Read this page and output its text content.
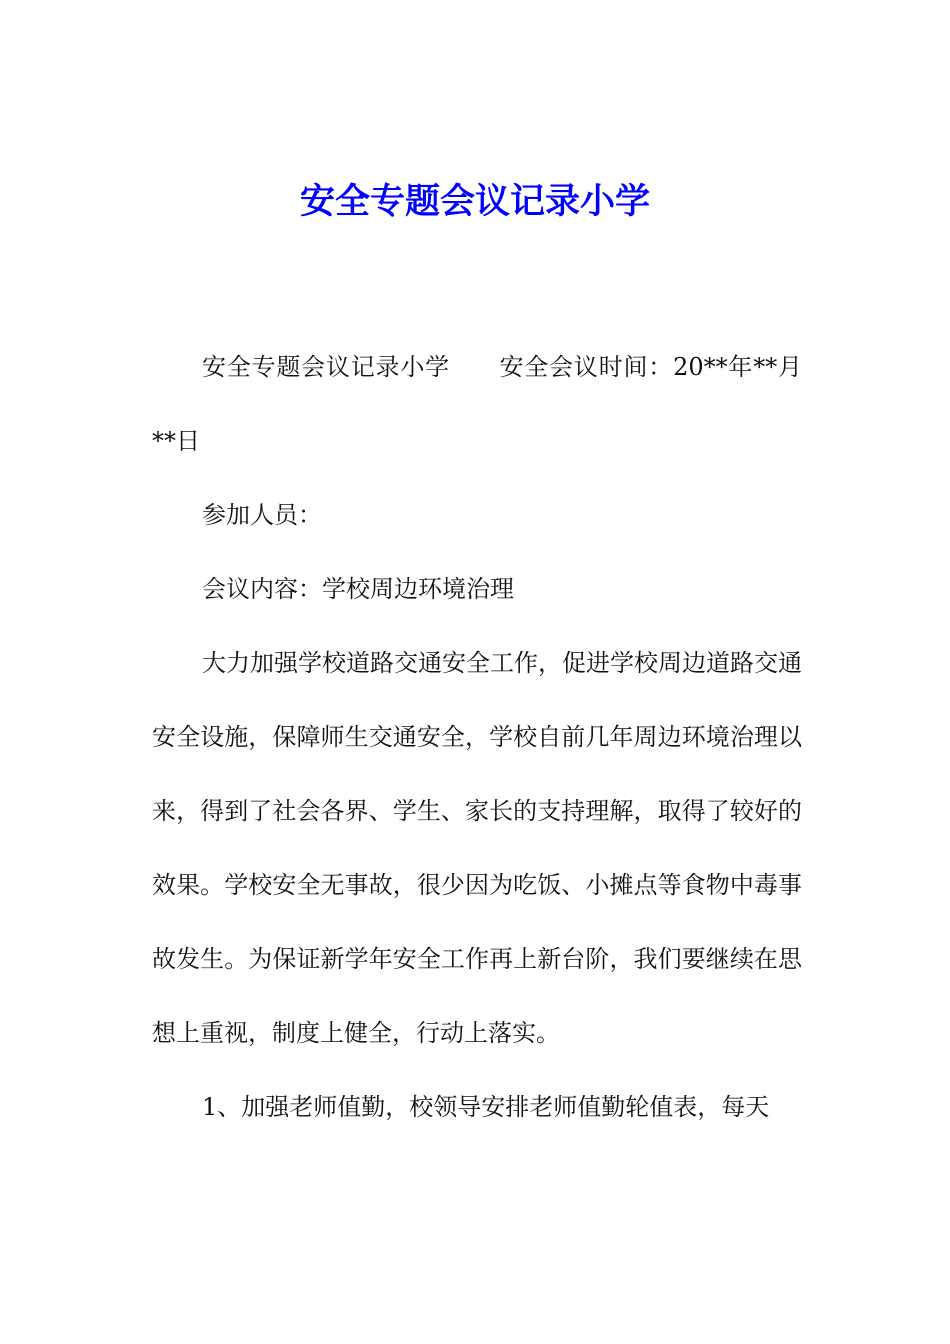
安全专题会议记录小学

安全专题会议记录小学　　安全会议时间：20**年**月**日

参加人员：

会议内容：学校周边环境治理

大力加强学校道路交通安全工作，促进学校周边道路交通安全设施，保障师生交通安全，学校自前几年周边环境治理以来，得到了社会各界、学生、家长的支持理解，取得了较好的效果。学校安全无事故，很少因为吃饭、小摊点等食物中毒事故发生。为保证新学年安全工作再上新台阶，我们要继续在思想上重视，制度上健全，行动上落实。

1、加强老师值勤，校领导安排老师值勤轮值表，每天
